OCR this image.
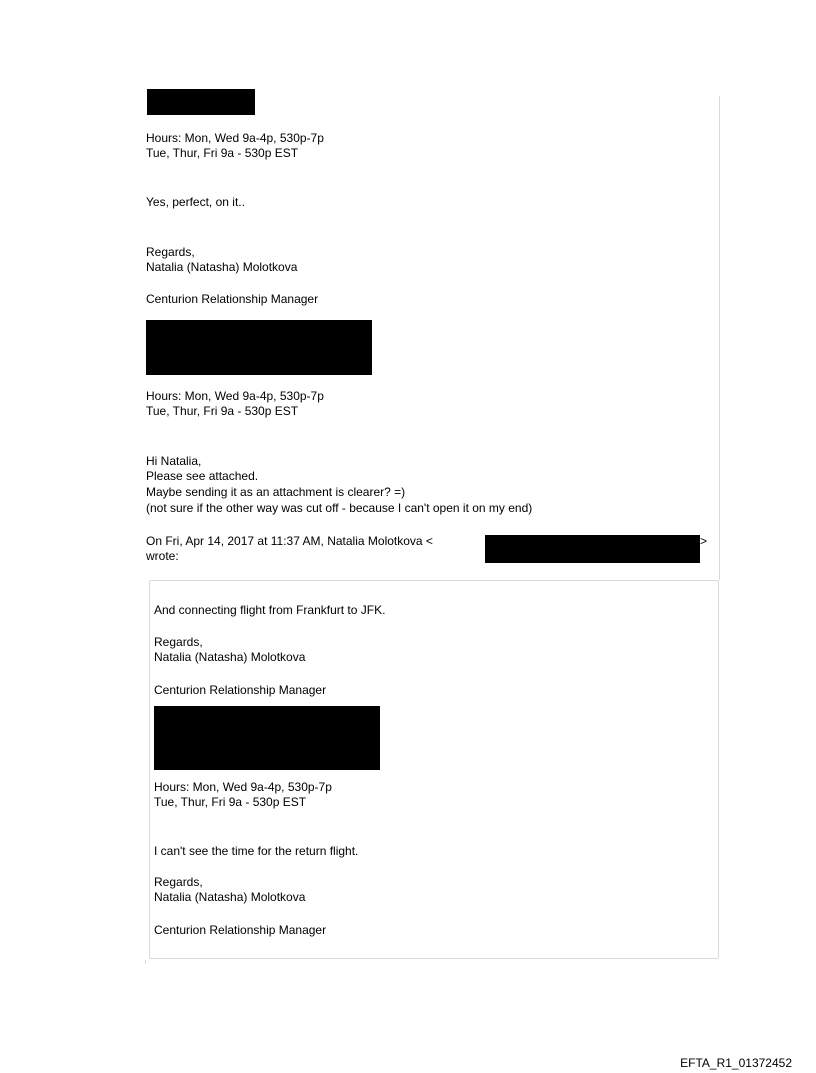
Hours: Mon, Wed 9a-4p, 530p-7p
Tue, Thur, Fri 9a - 530p EST
Yes, perfect, on it..
Regards,
Natalia (Natasha) Molotkova
Centurion Relationship Manager
Hours: Mon, Wed 9a-4p, 530p-7p
Tue, Thur, Fri 9a - 530p EST
Hi Natalia,
Please see attached.
Maybe sending it as an attachment is clearer? =)
(not sure if the other way was cut off - because I can't open it on my end)
On Fri, Apr 14, 2017 at 11:37 AM, Natalia Molotkova <	>
wrote:
And connecting flight from Frankfurt to JFK.
Regards,
Natalia (Natasha) Molotkova
Centurion Relationship Manager
Hours: Mon, Wed 9a-4p, 530p-7p
Tue, Thur, Fri 9a - 530p EST
I can't see the time for the return flight.
Regards,
Natalia (Natasha) Molotkova
Centurion Relationship Manager
EFTA_R1_01372452
